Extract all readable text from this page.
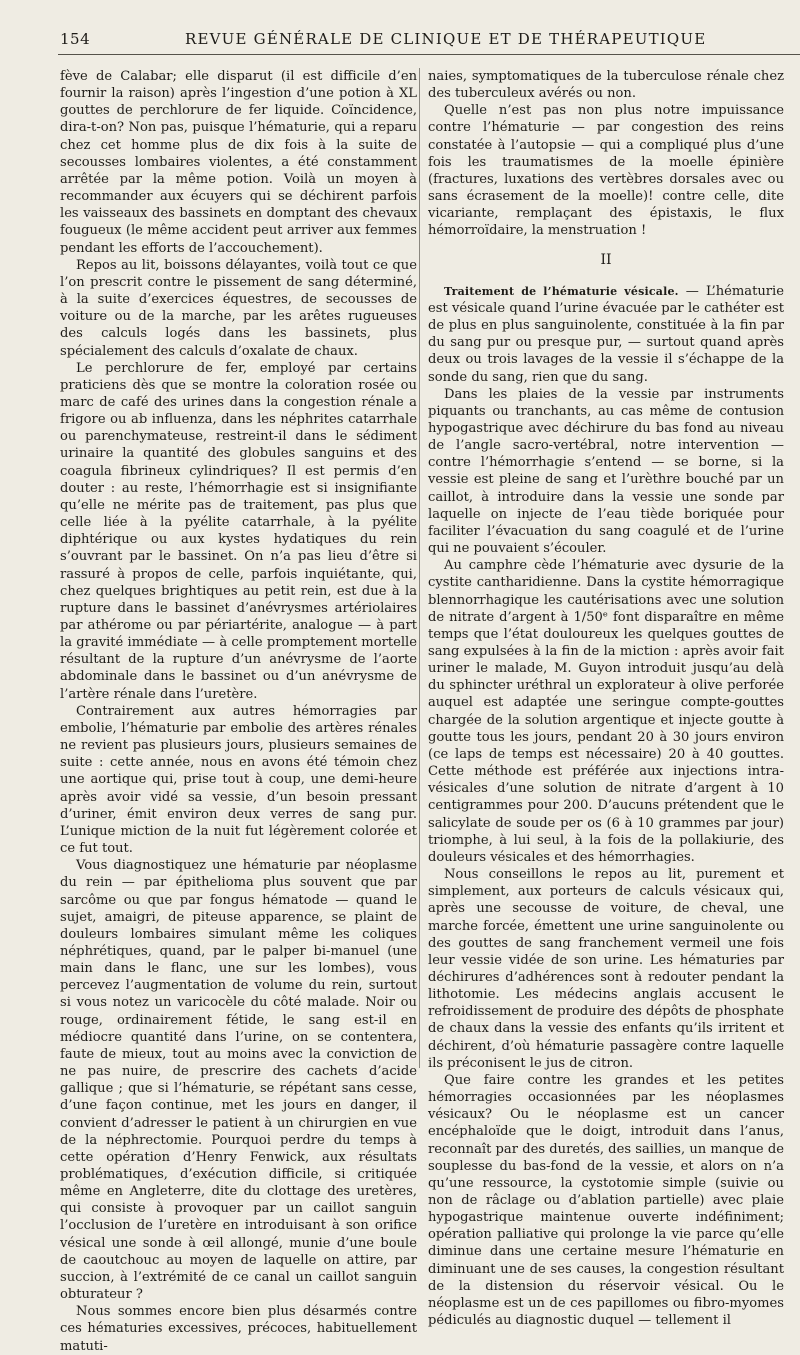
154	REVUE GÉNÉRALE DE CLINIQUE ET DE THÉRAPEUTIQUE

fève de Calabar; elle disparut (il est difficile d’en fournir la raison) après l’ingestion d’une potion à XL gouttes de perchlorure de fer liquide. Coïncidence, dira-t-on? Non pas, puisque l’hématurie, qui a reparu chez cet homme plus de dix fois à la suite de secousses lombaires violentes, a été constamment arrêtée par la même potion. Voilà un moyen à recommander aux écuyers qui se déchirent parfois les vaisseaux des bassinets en domptant des chevaux fougueux (le même accident peut arriver aux femmes pendant les efforts de l’accouchement).

Repos au lit, boissons délayantes, voilà tout ce que l’on prescrit contre le pissement de sang déterminé, à la suite d’exercices équestres, de secousses de voiture ou de la marche, par les arêtes rugueuses des calculs logés dans les bassinets, plus spécialement des calculs d’oxalate de chaux.

Le perchlorure de fer, employé par certains praticiens dès que se montre la coloration rosée ou marc de café des urines dans la congestion rénale a frigore ou ab influenza, dans les néphrites catarrhale ou parenchymateuse, restreint-il dans le sédiment urinaire la quantité des globules sanguins et des coagula fibrineux cylindriques? Il est permis d’en douter : au reste, l’hémorrhagie est si insignifiante qu’elle ne mérite pas de traitement, pas plus que celle liée à la pyélite catarrhale, à la pyélite diphtérique ou aux kystes hydatiques du rein s’ouvrant par le bassinet. On n’a pas lieu d’être si rassuré à propos de celle, parfois inquiétante, qui, chez quelques brightiques au petit rein, est due à la rupture dans le bassinet d’anévrysmes artériolaires par athérome ou par périartérite, analogue — à part la gravité immédiate — à celle promptement mortelle résultant de la rupture d’un anévrysme de l’aorte abdominale dans le bassinet ou d’un anévrysme de l’artère rénale dans l’uretère.

Contrairement aux autres hémorragies par embolie, l’hématurie par embolie des artères rénales ne revient pas plusieurs jours, plusieurs semaines de suite : cette année, nous en avons été témoin chez une aortique qui, prise tout à coup, une demi-heure après avoir vidé sa vessie, d’un besoin pressant d’uriner, émit environ deux verres de sang pur. L’unique miction de la nuit fut légèrement colorée et ce fut tout.

Vous diagnostiquez une hématurie par néoplasme du rein — par épithelioma plus souvent que par sarcôme ou que par fongus hématode — quand le sujet, amaigri, de piteuse apparence, se plaint de douleurs lombaires simulant même les coliques néphrétiques, quand, par le palper bi-manuel (une main dans le flanc, une sur les lombes), vous percevez l’augmentation de volume du rein, surtout si vous notez un varicocèle du côté malade. Noir ou rouge, ordinairement fétide, le sang est-il en médiocre quantité dans l’urine, on se contentera, faute de mieux, tout au moins avec la conviction de ne pas nuire, de prescrire des cachets d’acide gallique ; que si l’hématurie, se répétant sans cesse, d’une façon continue, met les jours en danger, il convient d’adresser le patient à un chirurgien en vue de la néphrectomie. Pourquoi perdre du temps à cette opération d’Henry Fenwick, aux résultats problématiques, d’exécution difficile, si critiquée même en Angleterre, dite du clottage des uretères, qui consiste à provoquer par un caillot sanguin l’occlusion de l’uretère en introduisant à son orifice vésical une sonde à œil allongé, munie d’une boule de caoutchouc au moyen de laquelle on attire, par succion, à l’extrémité de ce canal un caillot sanguin obturateur ?

Nous sommes encore bien plus désarmés contre ces hématuries excessives, précoces, habituellement matuti-

naies, symptomatiques de la tuberculose rénale chez des tuberculeux avérés ou non.

Quelle n’est pas non plus notre impuissance contre l’hématurie — par congestion des reins constatée à l’autopsie — qui a compliqué plus d’une fois les traumatismes de la moelle épinière (fractures, luxations des vertèbres dorsales avec ou sans écrasement de la moelle)! contre celle, dite vicariante, remplaçant des épistaxis, le flux hémorroïdaire, la menstruation !

II

Traitement de l’hématurie vésicale. — L’hématurie est vésicale quand l’urine évacuée par le cathéter est de plus en plus sanguinolente, constituée à la fin par du sang pur ou presque pur, — surtout quand après deux ou trois lavages de la vessie il s’échappe de la sonde du sang, rien que du sang.

Dans les plaies de la vessie par instruments piquants ou tranchants, au cas même de contusion hypogastrique avec déchirure du bas fond au niveau de l’angle sacro-vertébral, notre intervention — contre l’hémorrhagie s’entend — se borne, si la vessie est pleine de sang et l’urèthre bouché par un caillot, à introduire dans la vessie une sonde par laquelle on injecte de l’eau tiède boriquée pour faciliter l’évacuation du sang coagulé et de l’urine qui ne pouvaient s’écouler.

Au camphre cède l’hématurie avec dysurie de la cystite cantharidienne. Dans la cystite hémorragique blennorrhagique les cautérisations avec une solution de nitrate d’argent à 1/50ᵉ font disparaître en même temps que l’état douloureux les quelques gouttes de sang expulsées à la fin de la miction : après avoir fait uriner le malade, M. Guyon introduit jusqu’au delà du sphincter uréthral un explorateur à olive perforée auquel est adaptée une seringue compte-gouttes chargée de la solution argentique et injecte goutte à goutte tous les jours, pendant 20 à 30 jours environ (ce laps de temps est nécessaire) 20 à 40 gouttes. Cette méthode est préférée aux injections intra-vésicales d’une solution de nitrate d’argent à 10 centigrammes pour 200. D’aucuns prétendent que le salicylate de soude per os (6 à 10 grammes par jour) triomphe, à lui seul, à la fois de la pollakiurie, des douleurs vésicales et des hémorrhagies.

Nous conseillons le repos au lit, purement et simplement, aux porteurs de calculs vésicaux qui, après une secousse de voiture, de cheval, une marche forcée, émettent une urine sanguinolente ou des gouttes de sang franchement vermeil une fois leur vessie vidée de son urine. Les hématuries par déchirures d’adhérences sont à redouter pendant la lithotomie. Les médecins anglais accusent le refroidissement de produire des dépôts de phosphate de chaux dans la vessie des enfants qu’ils irritent et déchirent, d’où hématurie passagère contre laquelle ils préconisent le jus de citron.

Que faire contre les grandes et les petites hémorragies occasionnées par les néoplasmes vésicaux? Ou le néoplasme est un cancer encéphaloïde que le doigt, introduit dans l’anus, reconnaît par des duretés, des saillies, un manque de souplesse du bas-fond de la vessie, et alors on n’a qu’une ressource, la cystotomie simple (suivie ou non de râclage ou d’ablation partielle) avec plaie hypogastrique maintenue ouverte indéfiniment; opération palliative qui prolonge la vie parce qu’elle diminue dans une certaine mesure l’hématurie en diminuant une de ses causes, la congestion résultant de la distension du réservoir vésical. Ou le néoplasme est un de ces papillomes ou fibro-myomes pédiculés au diagnostic duquel — tellement il
